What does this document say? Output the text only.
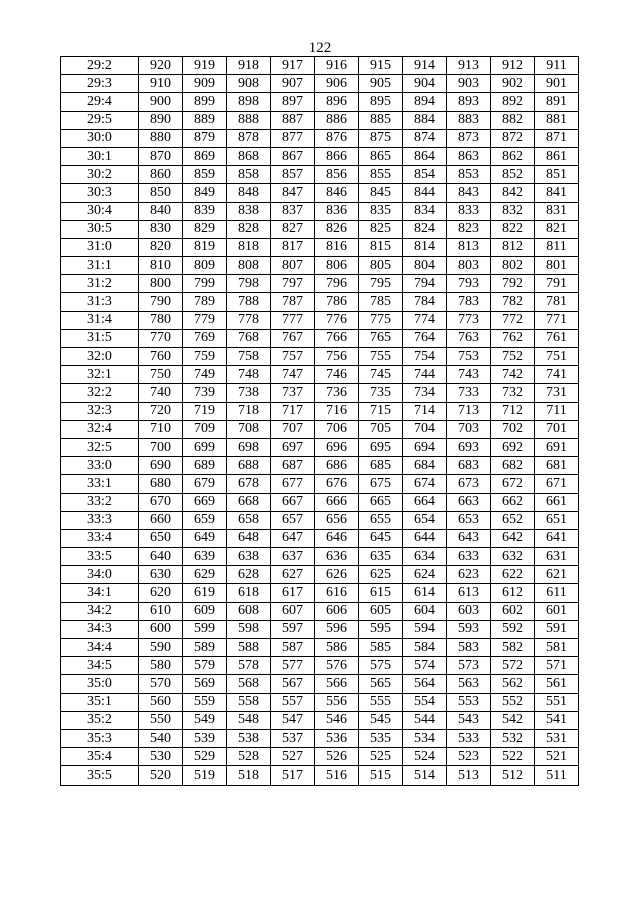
122
29:2	920	919	918	917	916	915	914	913	912	911
29:3	910	909	908	907	906	905	904	903	902	901
29:4	900	899	898	897	896	895	894	893	892	891
29:5	890	889	888	887	886	885	884	883	882	881
30:0	880	879	878	877	876	875	874	873	872	871
30:1	870	869	868	867	866	865	864	863	862	861
30:2	860	859	858	857	856	855	854	853	852	851
30:3	850	849	848	847	846	845	844	843	842	841
30:4	840	839	838	837	836	835	834	833	832	831
30:5	830	829	828	827	826	825	824	823	822	821
31:0	820	819	818	817	816	815	814	813	812	811
31:1	810	809	808	807	806	805	804	803	802	801
31:2	800	799	798	797	796	795	794	793	792	791
31:3	790	789	788	787	786	785	784	783	782	781
31:4	780	779	778	777	776	775	774	773	772	771
31:5	770	769	768	767	766	765	764	763	762	761
32:0	760	759	758	757	756	755	754	753	752	751
32:1	750	749	748	747	746	745	744	743	742	741
32:2	740	739	738	737	736	735	734	733	732	731
32:3	720	719	718	717	716	715	714	713	712	711
32:4	710	709	708	707	706	705	704	703	702	701
32:5	700	699	698	697	696	695	694	693	692	691
33:0	690	689	688	687	686	685	684	683	682	681
33:1	680	679	678	677	676	675	674	673	672	671
33:2	670	669	668	667	666	665	664	663	662	661
33:3	660	659	658	657	656	655	654	653	652	651
33:4	650	649	648	647	646	645	644	643	642	641
33:5	640	639	638	637	636	635	634	633	632	631
34:0	630	629	628	627	626	625	624	623	622	621
34:1	620	619	618	617	616	615	614	613	612	611
34:2	610	609	608	607	606	605	604	603	602	601
34:3	600	599	598	597	596	595	594	593	592	591
34:4	590	589	588	587	586	585	584	583	582	581
34:5	580	579	578	577	576	575	574	573	572	571
35:0	570	569	568	567	566	565	564	563	562	561
35:1	560	559	558	557	556	555	554	553	552	551
35:2	550	549	548	547	546	545	544	543	542	541
35:3	540	539	538	537	536	535	534	533	532	531
35:4	530	529	528	527	526	525	524	523	522	521
35:5	520	519	518	517	516	515	514	513	512	511
